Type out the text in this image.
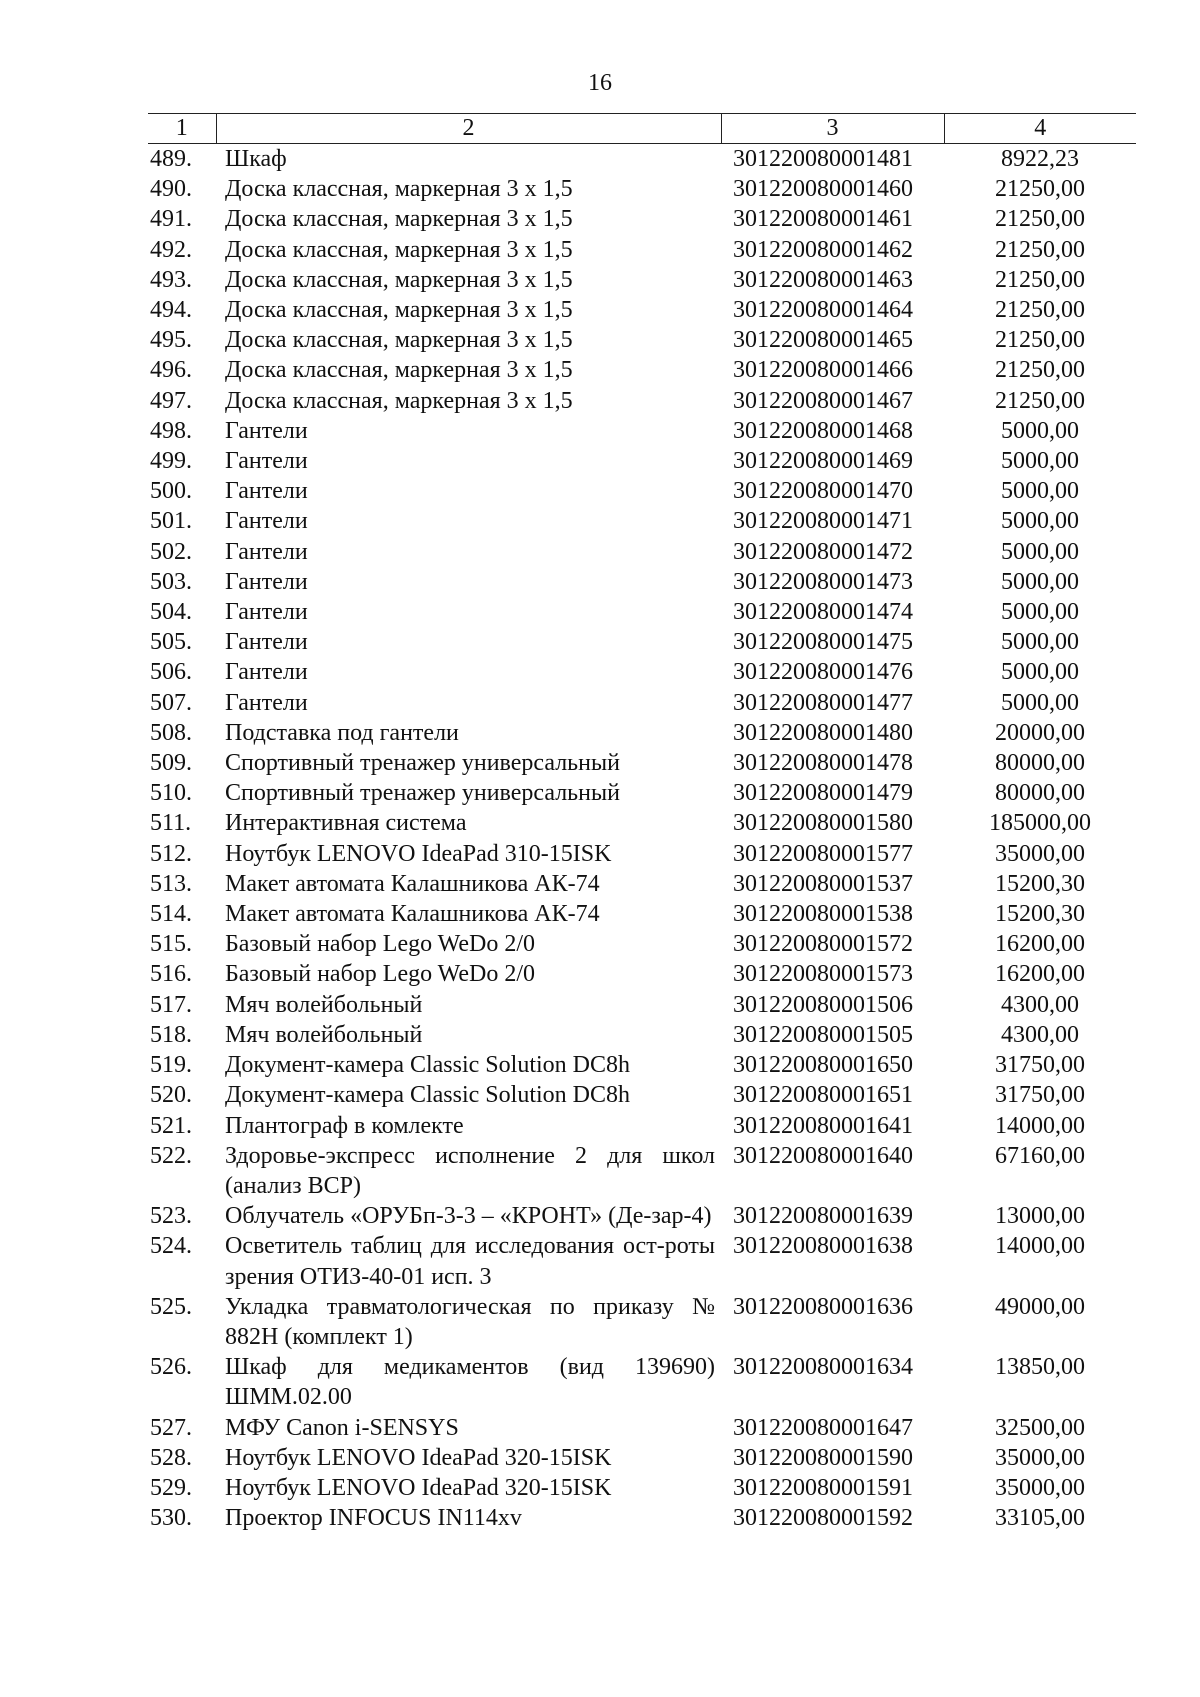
16
1	2	3	4
489.	Шкаф	301220080001481	8922,23
490.	Доска классная, маркерная 3 х 1,5	301220080001460	21250,00
491.	Доска классная, маркерная 3 х 1,5	301220080001461	21250,00
492.	Доска классная, маркерная 3 х 1,5	301220080001462	21250,00
493.	Доска классная, маркерная 3 х 1,5	301220080001463	21250,00
494.	Доска классная, маркерная 3 х 1,5	301220080001464	21250,00
495.	Доска классная, маркерная 3 х 1,5	301220080001465	21250,00
496.	Доска классная, маркерная 3 х 1,5	301220080001466	21250,00
497.	Доска классная, маркерная 3 х 1,5	301220080001467	21250,00
498.	Гантели	301220080001468	5000,00
499.	Гантели	301220080001469	5000,00
500.	Гантели	301220080001470	5000,00
501.	Гантели	301220080001471	5000,00
502.	Гантели	301220080001472	5000,00
503.	Гантели	301220080001473	5000,00
504.	Гантели	301220080001474	5000,00
505.	Гантели	301220080001475	5000,00
506.	Гантели	301220080001476	5000,00
507.	Гантели	301220080001477	5000,00
508.	Подставка под гантели	301220080001480	20000,00
509.	Спортивный тренажер универсальный	301220080001478	80000,00
510.	Спортивный тренажер универсальный	301220080001479	80000,00
511.	Интерактивная система	301220080001580	185000,00
512.	Ноутбук LENOVO IdeaPad 310-15ISK	301220080001577	35000,00
513.	Макет автомата Калашникова АК-74	301220080001537	15200,30
514.	Макет автомата Калашникова АК-74	301220080001538	15200,30
515.	Базовый набор Lego WeDo 2/0	301220080001572	16200,00
516.	Базовый набор Lego WeDo 2/0	301220080001573	16200,00
517.	Мяч волейбольный	301220080001506	4300,00
518.	Мяч волейбольный	301220080001505	4300,00
519.	Документ-камера Classic Solution DC8h	301220080001650	31750,00
520.	Документ-камера Classic Solution DC8h	301220080001651	31750,00
521.	Плантограф в комлекте	301220080001641	14000,00
522.	Здоровье-экспресс исполнение 2 для школ (анализ ВСР)	301220080001640	67160,00
523.	Облучатель «ОРУБп-3-3 – «КРОНТ» (Де-зар-4)	301220080001639	13000,00
524.	Осветитель таблиц для исследования ост-роты зрения ОТИЗ-40-01 исп. 3	301220080001638	14000,00
525.	Укладка травматологическая по приказу № 882Н (комплект 1)	301220080001636	49000,00
526.	Шкаф для медикаментов (вид 139690) ШММ.02.00	301220080001634	13850,00
527.	МФУ Canon i-SENSYS	301220080001647	32500,00
528.	Ноутбук LENOVO IdeaPad 320-15ISK	301220080001590	35000,00
529.	Ноутбук LENOVO IdeaPad 320-15ISK	301220080001591	35000,00
530.	Проектор INFOCUS IN114xv	301220080001592	33105,00
